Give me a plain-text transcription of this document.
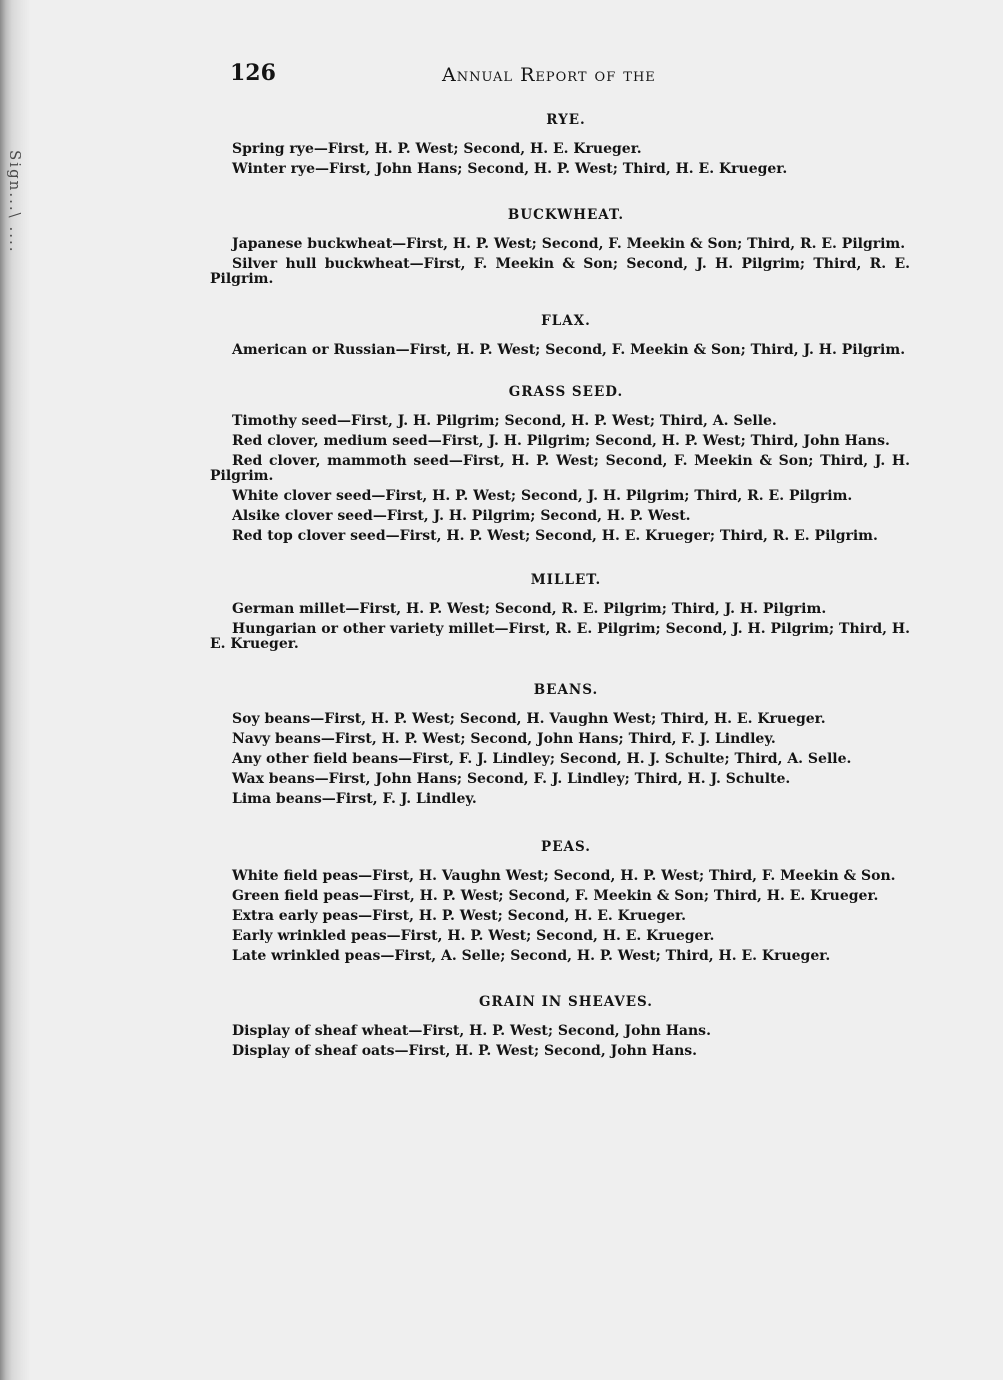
Sign...\ ....
126	Annual Report of the
RYE.
Spring rye—First, H. P. West; Second, H. E. Krueger.
Winter rye—First, John Hans; Second, H. P. West; Third, H. E. Krueger.
BUCKWHEAT.
Japanese buckwheat—First, H. P. West; Second, F. Meekin & Son; Third, R. E. Pilgrim.
Silver hull buckwheat—First, F. Meekin & Son; Second, J. H. Pilgrim; Third, R. E. Pilgrim.
FLAX.
American or Russian—First, H. P. West; Second, F. Meekin & Son; Third, J. H. Pilgrim.
GRASS SEED.
Timothy seed—First, J. H. Pilgrim; Second, H. P. West; Third, A. Selle.
Red clover, medium seed—First, J. H. Pilgrim; Second, H. P. West; Third, John Hans.
Red clover, mammoth seed—First, H. P. West; Second, F. Meekin & Son; Third, J. H. Pilgrim.
White clover seed—First, H. P. West; Second, J. H. Pilgrim; Third, R. E. Pilgrim.
Alsike clover seed—First, J. H. Pilgrim; Second, H. P. West.
Red top clover seed—First, H. P. West; Second, H. E. Krueger; Third, R. E. Pilgrim.
MILLET.
German millet—First, H. P. West; Second, R. E. Pilgrim; Third, J. H. Pilgrim.
Hungarian or other variety millet—First, R. E. Pilgrim; Second, J. H. Pilgrim; Third, H. E. Krueger.
BEANS.
Soy beans—First, H. P. West; Second, H. Vaughn West; Third, H. E. Krueger.
Navy beans—First, H. P. West; Second, John Hans; Third, F. J. Lindley.
Any other field beans—First, F. J. Lindley; Second, H. J. Schulte; Third, A. Selle.
Wax beans—First, John Hans; Second, F. J. Lindley; Third, H. J. Schulte.
Lima beans—First, F. J. Lindley.
PEAS.
White field peas—First, H. Vaughn West; Second, H. P. West; Third, F. Meekin & Son.
Green field peas—First, H. P. West; Second, F. Meekin & Son; Third, H. E. Krueger.
Extra early peas—First, H. P. West; Second, H. E. Krueger.
Early wrinkled peas—First, H. P. West; Second, H. E. Krueger.
Late wrinkled peas—First, A. Selle; Second, H. P. West; Third, H. E. Krueger.
GRAIN IN SHEAVES.
Display of sheaf wheat—First, H. P. West; Second, John Hans.
Display of sheaf oats—First, H. P. West; Second, John Hans.
